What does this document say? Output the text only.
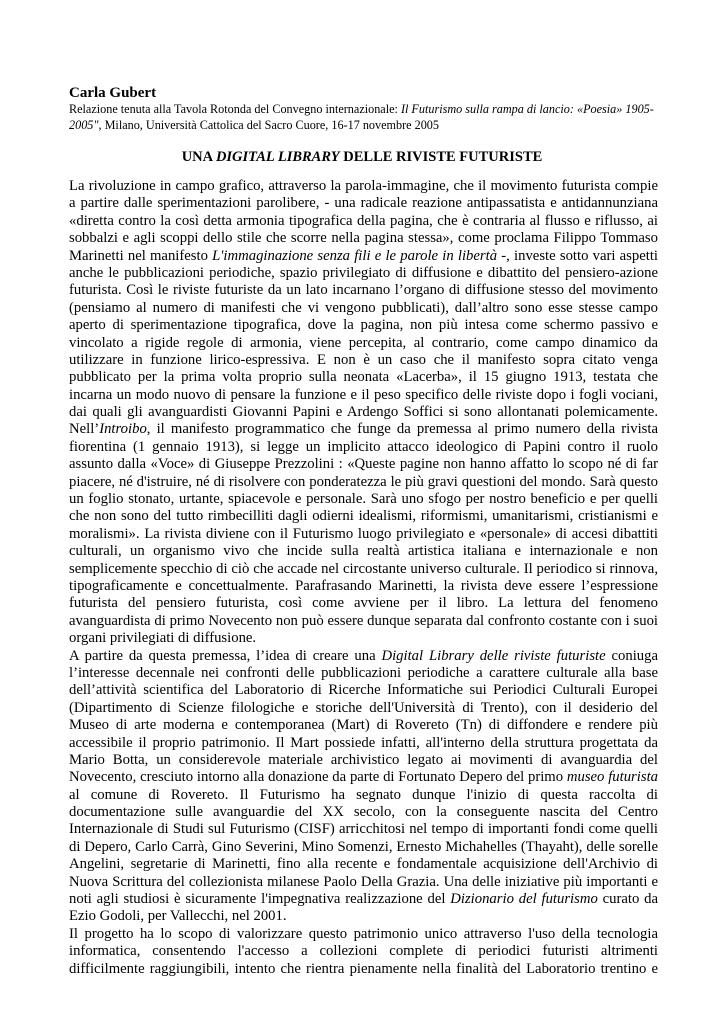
Carla Gubert
Relazione tenuta alla Tavola Rotonda del Convegno internazionale: Il Futurismo sulla rampa di lancio: «Poesia» 1905-
2005", Milano, Università Cattolica del Sacro Cuore, 16-17 novembre 2005
UNA DIGITAL LIBRARY DELLE RIVISTE FUTURISTE
La rivoluzione in campo grafico, attraverso la parola-immagine, che il movimento futurista compie
a partire dalle sperimentazioni parolibere, - una radicale reazione antipassatista e antidannunziana
«diretta contro la così detta armonia tipografica della pagina, che è contraria al flusso e riflusso, ai
sobbalzi e agli scoppi dello stile che scorre nella pagina stessa», come proclama Filippo Tommaso
Marinetti nel manifesto L'immaginazione senza fili e le parole in libertà -, investe sotto vari aspetti
anche le pubblicazioni periodiche, spazio privilegiato di diffusione e dibattito del pensiero-azione
futurista. Così le riviste futuriste da un lato incarnano l’organo di diffusione stesso del movimento
(pensiamo al numero di manifesti che vi vengono pubblicati), dall’altro sono esse stesse campo
aperto di sperimentazione tipografica, dove la pagina, non più intesa come schermo passivo e
vincolato a rigide regole di armonia, viene percepita, al contrario, come campo dinamico da
utilizzare in funzione lirico-espressiva. E non è un caso che il manifesto sopra citato venga
pubblicato per la prima volta proprio sulla neonata «Lacerba», il 15 giugno 1913, testata che
incarna un modo nuovo di pensare la funzione e il peso specifico delle riviste dopo i fogli vociani,
dai quali gli avanguardisti Giovanni Papini e Ardengo Soffici si sono allontanati polemicamente.
Nell’Introibo, il manifesto programmatico che funge da premessa al primo numero della rivista
fiorentina (1 gennaio 1913), si legge un implicito attacco ideologico di Papini contro il ruolo
assunto dalla «Voce» di Giuseppe Prezzolini : «Queste pagine non hanno affatto lo scopo né di far
piacere, né d'istruire, né di risolvere con ponderatezza le più gravi questioni del mondo. Sarà questo
un foglio stonato, urtante, spiacevole e personale. Sarà uno sfogo per nostro beneficio e per quelli
che non sono del tutto rimbecilliti dagli odierni idealismi, riformismi, umanitarismi, cristianismi e
moralismi». La rivista diviene con il Futurismo luogo privilegiato e «personale» di accesi dibattiti
culturali, un organismo vivo che incide sulla realtà artistica italiana e internazionale e non
semplicemente specchio di ciò che accade nel circostante universo culturale. Il periodico si rinnova,
tipograficamente e concettualmente. Parafrasando Marinetti, la rivista deve essere l’espressione
futurista del pensiero futurista, così come avviene per il libro. La lettura del fenomeno
avanguardista di primo Novecento non può essere dunque separata dal confronto costante con i suoi
organi privilegiati di diffusione.
A partire da questa premessa, l’idea di creare una Digital Library delle riviste futuriste coniuga
l’interesse decennale nei confronti delle pubblicazioni periodiche a carattere culturale alla base
dell’attività scientifica del Laboratorio di Ricerche Informatiche sui Periodici Culturali Europei
(Dipartimento di Scienze filologiche e storiche dell'Università di Trento), con il desiderio del
Museo di arte moderna e contemporanea (Mart) di Rovereto (Tn) di diffondere e rendere più
accessibile il proprio patrimonio. Il Mart possiede infatti, all'interno della struttura progettata da
Mario Botta, un considerevole materiale archivistico legato ai movimenti di avanguardia del
Novecento, cresciuto intorno alla donazione da parte di Fortunato Depero del primo museo futurista
al comune di Rovereto. Il Futurismo ha segnato dunque l'inizio di questa raccolta di
documentazione sulle avanguardie del XX secolo, con la conseguente nascita del Centro
Internazionale di Studi sul Futurismo (CISF) arricchitosi nel tempo di importanti fondi come quelli
di Depero, Carlo Carrà, Gino Severini, Mino Somenzi, Ernesto Michahelles (Thayaht), delle sorelle
Angelini, segretarie di Marinetti, fino alla recente e fondamentale acquisizione dell'Archivio di
Nuova Scrittura del collezionista milanese Paolo Della Grazia. Una delle iniziative più importanti e
noti agli studiosi è sicuramente l'impegnativa realizzazione del Dizionario del futurismo curato da
Ezio Godoli, per Vallecchi, nel 2001.
Il progetto ha lo scopo di valorizzare questo patrimonio unico attraverso l'uso della tecnologia
informatica, consentendo l'accesso a collezioni complete di periodici futuristi altrimenti
difficilmente raggiungibili, intento che rientra pienamente nella finalità del Laboratorio trentino e
